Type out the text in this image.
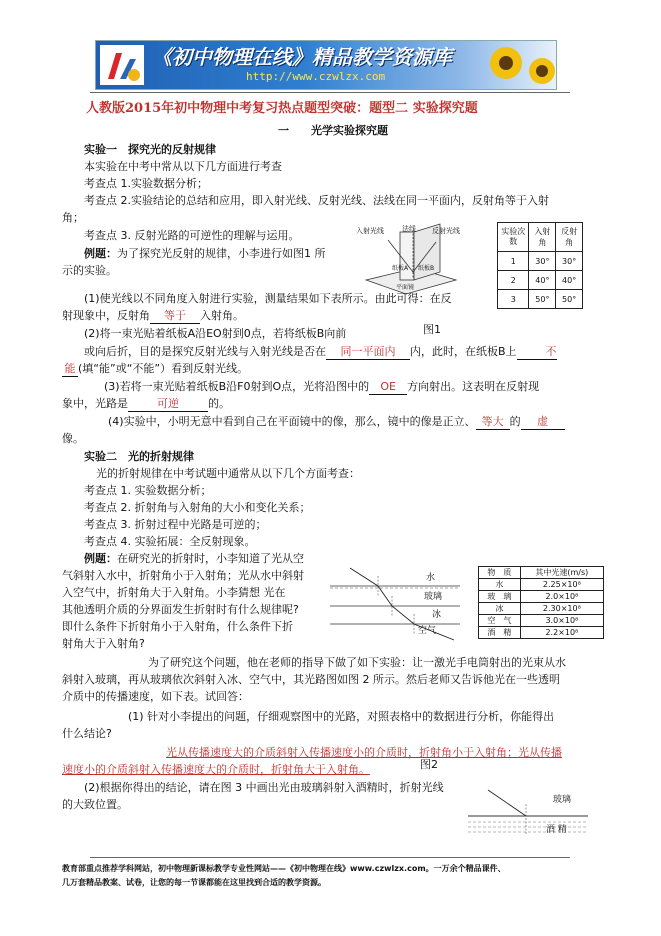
《初中物理在线》精品教学资源库
http://www.czwlzx.com
人教版2015年初中物理中考复习热点题型突破：题型二 实验探究题
一　　光学实验探究题
实验一　探究光的反射规律
本实验在中考中常从以下几方面进行考查
考查点 1.实验数据分析；
考查点 2.实验结论的总结和应用，即入射光线、反射光线、法线在同一平面内，反射角等于入射
角；
考查点 3. 反射光路的可逆性的理解与运用。
例题：为了探究光反射的规律，小李进行如图1 所
示的实验。
入射光线	反射光线
法线
纸板A 纸板B
平面镜
实验次数	入射角	反射角
1	30°	30°
2	40°	40°
3	50°	50°
(1)使光线以不同角度入射进行实验，测量结果如下表所示。由此可得：在反
射现象中，反射角 等于 入射角。
(2)将一束光贴着纸板A沿EO射到0点，若将纸板B向前	图1
或向后折，目的是探究反射光线与入射光线是否在 同一平面内 内，此时，在纸板B上	不
能 (填“能”或“不能”）看到反射光线。
(3)若将一束光贴着纸板B沿F0射到O点，光将沿图中的 OE 方向射出。这表明在反射现
象中，光路是	可逆	的。
(4)实验中，小明无意中看到自己在平面镜中的像，那么，镜中的像是正立、 等大 的 虚
像。
实验二　光的折射规律
光的折射规律在中考试题中通常从以下几个方面考查：
考查点 1. 实验数据分析；
考查点 2. 折射角与入射角的大小和变化关系；
考查点 3. 折射过程中光路是可逆的；
考查点 4. 实验拓展：全反射现象。
例题：在研究光的折射时，小李知道了光从空
气斜射入水中，折射角小于入射角；光从水中斜射
入空气中，折射角大于入射角。小李猜想 光在
其他透明介质的分界面发生折射时有什么规律呢?
即什么条件下折射角小于入射角，什么条件下折
射角大于入射角?
水
玻璃
冰
空气
物　质	其中光速(m/s)
水	2.25×10⁸
玻　璃	2.0×10⁸
冰	2.30×10⁸
空　气	3.0×10⁸
酒　精	2.2×10⁸
为了研究这个问题，他在老师的指导下做了如下实验：让一激光手电筒射出的光束从水
斜射入玻璃，再从玻璃依次斜射入冰、空气中，其光路图如图 2 所示。然后老师又告诉他光在一些透明
介质中的传播速度，如下表。试回答：
(1) 针对小李提出的问题，仔细观察图中的光路，对照表格中的数据进行分析，你能得出
什么结论?
光从传播速度大的介质斜射入传播速度小的介质时，折射角小于入射角；光从传播
速度小的介质斜射入传播速度大的介质时，折射角大于入射角。	图2
(2)根据你得出的结论，请在图 3 中画出光由玻璃斜射入酒精时，折射光线
的大致位置。	玻璃
酒 精
教育部重点推荐学科网站，初中物理新课标教学专业性网站——《初中物理在线》www.czwlzx.com。一万余个精品课件、
几万套精品教案、试卷，让您的每一节课都能在这里找到合适的教学资源。
